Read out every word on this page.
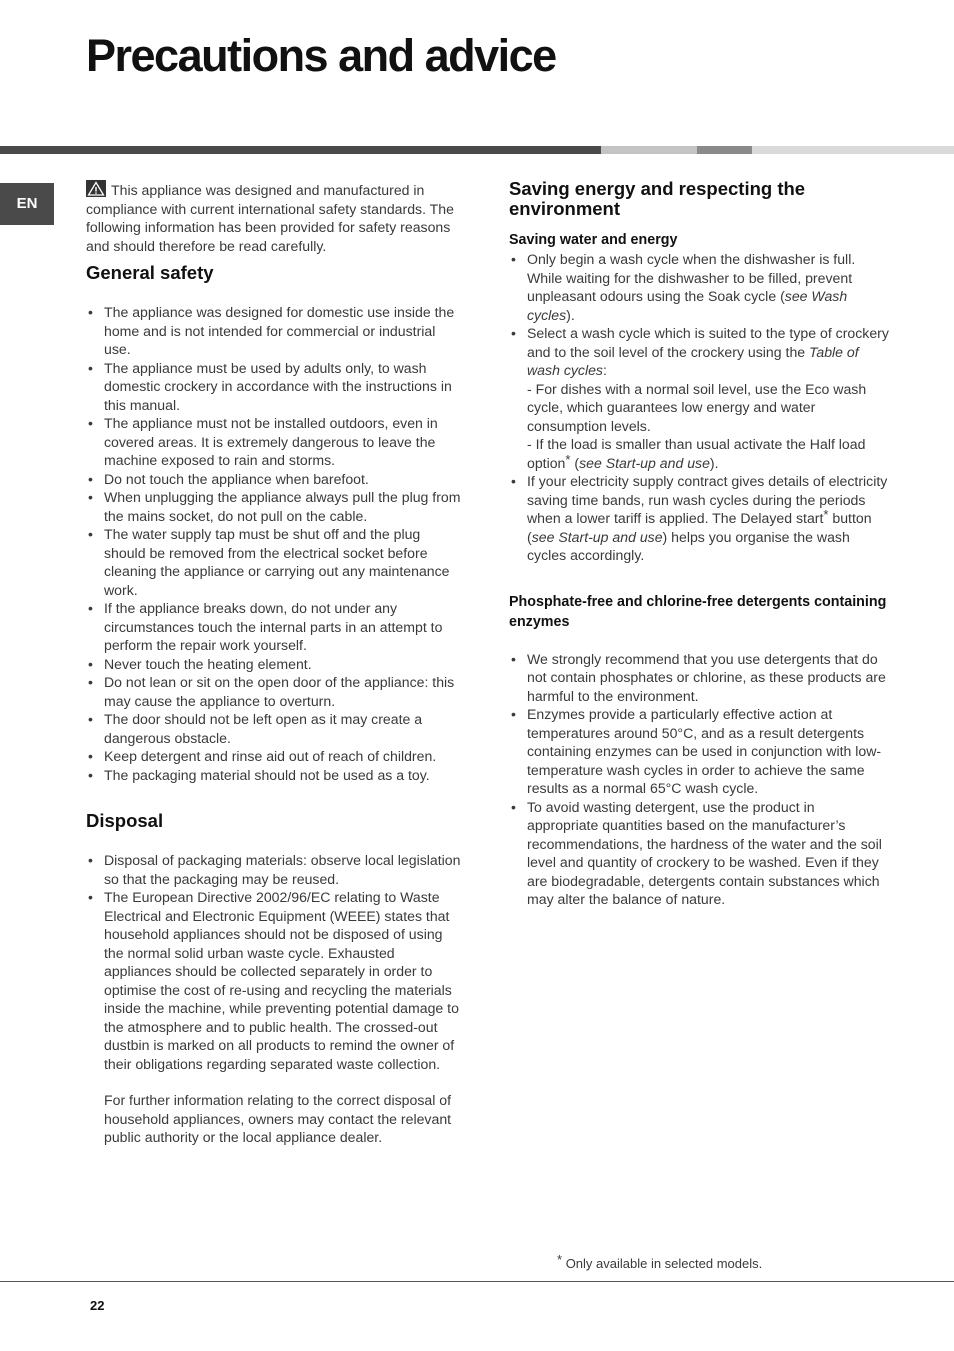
Precautions and advice
EN

This appliance was designed and manufactured in compliance with current international safety standards. The following information has been provided for safety reasons and should therefore be read carefully.

General safety
• The appliance was designed for domestic use inside the home and is not intended for commercial or industrial use.
• The appliance must be used by adults only, to wash domestic crockery in accordance with the instructions in this manual.
• The appliance must not be installed outdoors, even in covered areas. It is extremely dangerous to leave the machine exposed to rain and storms.
• Do not touch the appliance when barefoot.
• When unplugging the appliance always pull the plug from the mains socket, do not pull on the cable.
• The water supply tap must be shut off and the plug should be removed from the electrical socket before cleaning the appliance or carrying out any maintenance work.
• If the appliance breaks down, do not under any circumstances touch the internal parts in an attempt to perform the repair work yourself.
• Never touch the heating element.
• Do not lean or sit on the open door of the appliance: this may cause the appliance to overturn.
• The door should not be left open as it may create a dangerous obstacle.
• Keep detergent and rinse aid out of reach of children.
• The packaging material should not be used as a toy.
Disposal
• Disposal of packaging materials: observe local legislation so that the packaging may be reused.
• The European Directive 2002/96/EC relating to Waste Electrical and Electronic Equipment (WEEE) states that household appliances should not be disposed of using the normal solid urban waste cycle. Exhausted appliances should be collected separately in order to optimise the cost of re-using and recycling the materials inside the machine, while preventing potential damage to the atmosphere and to public health. The crossed-out dustbin is marked on all products to remind the owner of their obligations regarding separated waste collection.

For further information relating to the correct disposal of household appliances, owners may contact the relevant public authority or the local appliance dealer.

Saving energy and respecting the environment
Saving water and energy
• Only begin a wash cycle when the dishwasher is full. While waiting for the dishwasher to be filled, prevent unpleasant odours using the Soak cycle (see Wash cycles).
• Select a wash cycle which is suited to the type of crockery and to the soil level of the crockery using the Table of wash cycles:
- For dishes with a normal soil level, use the Eco wash cycle, which guarantees low energy and water consumption levels.
- If the load is smaller than usual activate the Half load option* (see Start-up and use).
• If your electricity supply contract gives details of electricity saving time bands, run wash cycles during the periods when a lower tariff is applied. The Delayed start* button (see Start-up and use) helps you organise the wash cycles accordingly.
Phosphate-free and chlorine-free detergents containing enzymes
• We strongly recommend that you use detergents that do not contain phosphates or chlorine, as these products are harmful to the environment.
• Enzymes provide a particularly effective action at temperatures around 50°C, and as a result detergents containing enzymes can be used in conjunction with low-temperature wash cycles in order to achieve the same results as a normal 65°C wash cycle.
• To avoid wasting detergent, use the product in appropriate quantities based on the manufacturer’s recommendations, the hardness of the water and the soil level and quantity of crockery to be washed. Even if they are biodegradable, detergents contain substances which may alter the balance of nature.
* Only available in selected models.
22
